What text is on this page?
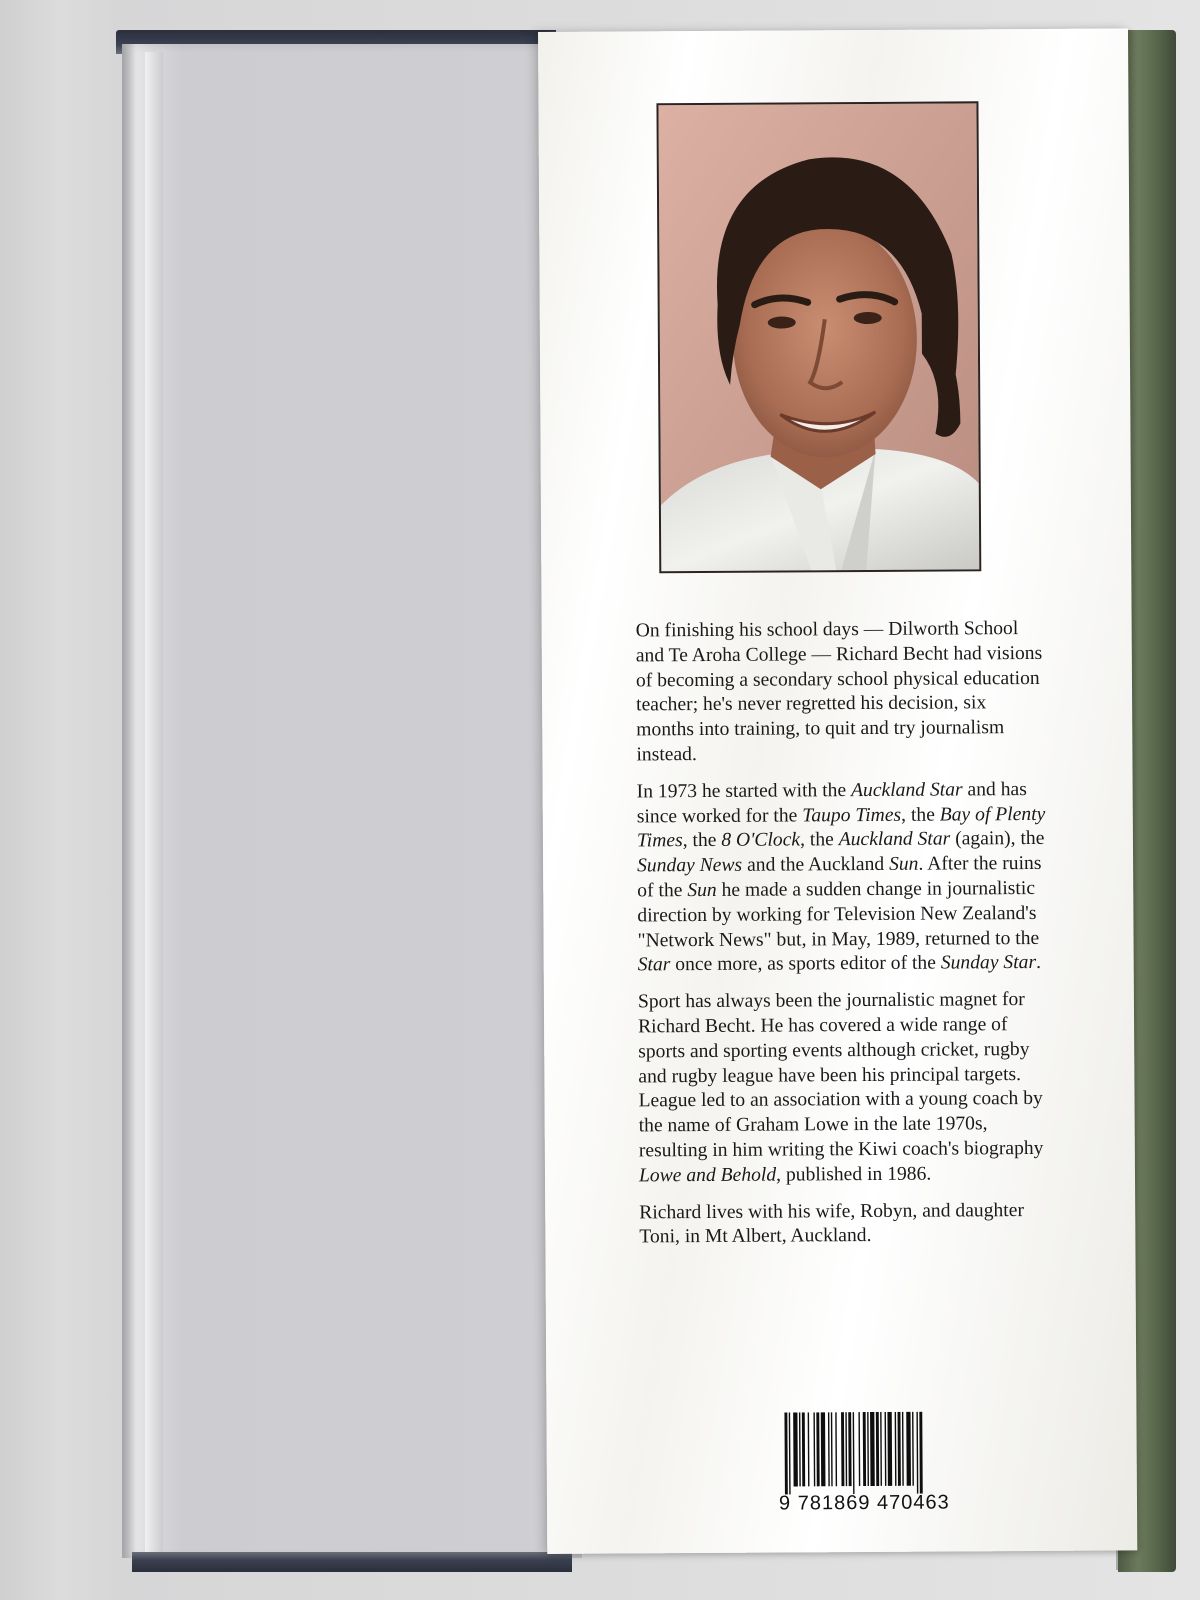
On finishing his school days — Dilworth School and Te Aroha College — Richard Becht had visions of becoming a secondary school physical education teacher; he's never regretted his decision, six months into training, to quit and try journalism instead.

In 1973 he started with the Auckland Star and has since worked for the Taupo Times, the Bay of Plenty Times, the 8 O'Clock, the Auckland Star (again), the Sunday News and the Auckland Sun. After the ruins of the Sun he made a sudden change in journalistic direction by working for Television New Zealand's "Network News" but, in May, 1989, returned to the Star once more, as sports editor of the Sunday Star.

Sport has always been the journalistic magnet for Richard Becht. He has covered a wide range of sports and sporting events although cricket, rugby and rugby league have been his principal targets. League led to an association with a young coach by the name of Graham Lowe in the late 1970s, resulting in him writing the Kiwi coach's biography Lowe and Behold, published in 1986.

Richard lives with his wife, Robyn, and daughter Toni, in Mt Albert, Auckland.

9 781869 470463
